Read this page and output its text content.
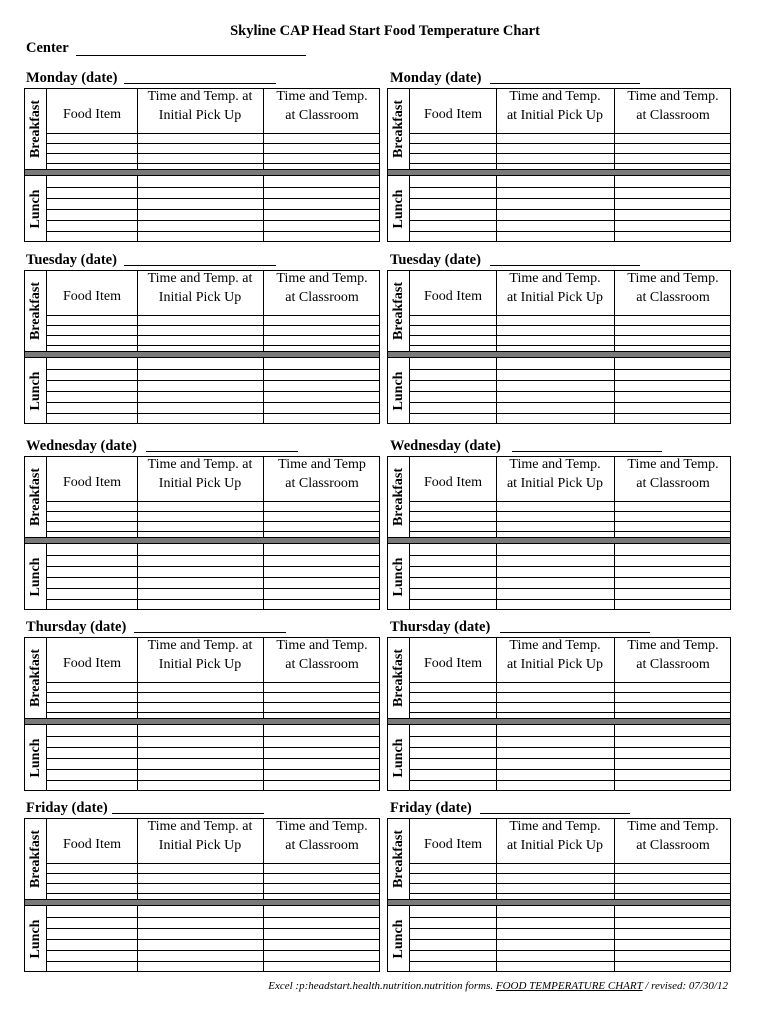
Skyline CAP Head Start Food Temperature Chart
Center
Monday (date)
Breakfast
Lunch
Food Item
Time and Temp. at
Initial Pick Up
Time and Temp.
at Classroom
Monday (date)
Breakfast
Lunch
Food Item
Time and Temp.
at Initial Pick Up
Time and Temp.
at Classroom
Tuesday (date)
Breakfast
Lunch
Food Item
Time and Temp. at
Initial Pick Up
Time and Temp.
at Classroom
Tuesday (date)
Breakfast
Lunch
Food Item
Time and Temp.
at Initial Pick Up
Time and Temp.
at Classroom
Wednesday (date)
Breakfast
Lunch
Food Item
Time and Temp. at
Initial Pick Up
Time and Temp
at Classroom
Wednesday (date)
Breakfast
Lunch
Food Item
Time and Temp.
at Initial Pick Up
Time and Temp.
at Classroom
Thursday (date)
Breakfast
Lunch
Food Item
Time and Temp. at
Initial Pick Up
Time and Temp.
at Classroom
Thursday (date)
Breakfast
Lunch
Food Item
Time and Temp.
at Initial Pick Up
Time and Temp.
at Classroom
Friday (date)
Breakfast
Lunch
Food Item
Time and Temp. at
Initial Pick Up
Time and Temp.
at Classroom
Friday (date)
Breakfast
Lunch
Food Item
Time and Temp.
at Initial Pick Up
Time and Temp.
at Classroom
Excel :p:headstart.health.nutrition.nutrition forms. FOOD TEMPERATURE CHART / revised: 07/30/12
